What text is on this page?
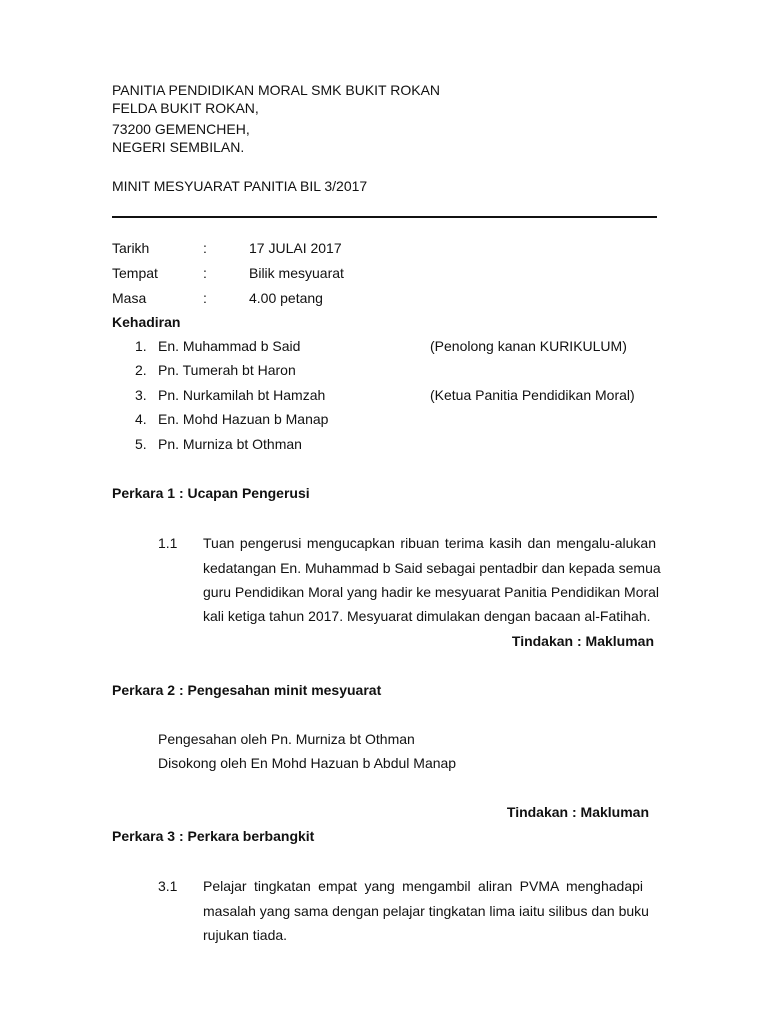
PANITIA PENDIDIKAN MORAL SMK BUKIT ROKAN
FELDA BUKIT ROKAN,
73200 GEMENCHEH,
NEGERI SEMBILAN.
MINIT MESYUARAT PANITIA BIL 3/2017
Tarikh	:	17 JULAI 2017
Tempat	:	Bilik mesyuarat
Masa	:	4.00 petang
Kehadiran
1. En. Muhammad b Said	(Penolong kanan KURIKULUM)
2. Pn. Tumerah bt Haron
3. Pn. Nurkamilah bt Hamzah	(Ketua Panitia Pendidikan Moral)
4. En. Mohd Hazuan b Manap
5. Pn. Murniza bt Othman
Perkara 1 : Ucapan Pengerusi
1.1 Tuan pengerusi mengucapkan ribuan terima kasih dan mengalu-alukan
kedatangan En. Muhammad b Said sebagai pentadbir dan kepada semua
guru Pendidikan Moral yang hadir ke mesyuarat Panitia Pendidikan Moral
kali ketiga tahun 2017. Mesyuarat dimulakan dengan bacaan al-Fatihah.
Tindakan : Makluman
Perkara 2 : Pengesahan minit mesyuarat
Pengesahan oleh Pn. Murniza bt Othman
Disokong oleh En Mohd Hazuan b Abdul Manap
Tindakan : Makluman
Perkara 3 : Perkara berbangkit
3.1 Pelajar tingkatan empat yang mengambil aliran PVMA menghadapi
masalah yang sama dengan pelajar tingkatan lima iaitu silibus dan buku
rujukan tiada.
